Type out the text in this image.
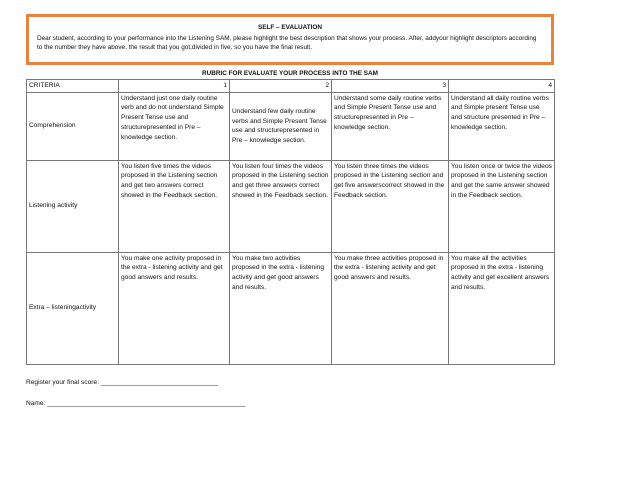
SELF – EVALUATION
Dear student, according to your performance into the Listening SAM, please highlight the best description that shows your process. After, addyour highlight descriptors according to the number they have above, the result that you got,divided in five, so you have the final result.
RUBRIC FOR EVALUATE YOUR PROCESS INTO THE SAM
CRITERIA	1	2	3	4
Comprehension	Understand just one daily routine verb and do not understand Simple Present Tense use and structurepresented in Pre – knowledge section.	Understand few daily routine verbs and Simple Present Tense use and structurepresented in Pre – knowledge section.	Understand some daily routine verbs and Simple Present Tense use and structurepresented in Pre – knowledge section.	Understand all daily routine verbs and Simple present Tense use and structure presented in Pre – knowledge section.
Listening activity	You listen five times the videos proposed in the Listening section and get two answers correct showed in the Feedback section.	You listen four times the videos proposed in the Listening section and get three answers correct showed in the Feedback section.	You listen three times the videos proposed in the Listening section and get five answerscorrect showed in the Feedback section.	You listen once or twice the videos proposed in the Listening section and get the same answer showed in the Feedback section.
Extra – listeningactivity	You make one activity proposed in the extra - listening activity and get good answers and results.	You make two activities proposed in the extra - listening activity and get good answers and results.	You make three activities proposed in the extra - listening activity and get good answers and results.	You make all the activities proposed in the extra - listening activity and get excellent answers and results.
Register your final score: ________________________________
Name: ______________________________________________________
